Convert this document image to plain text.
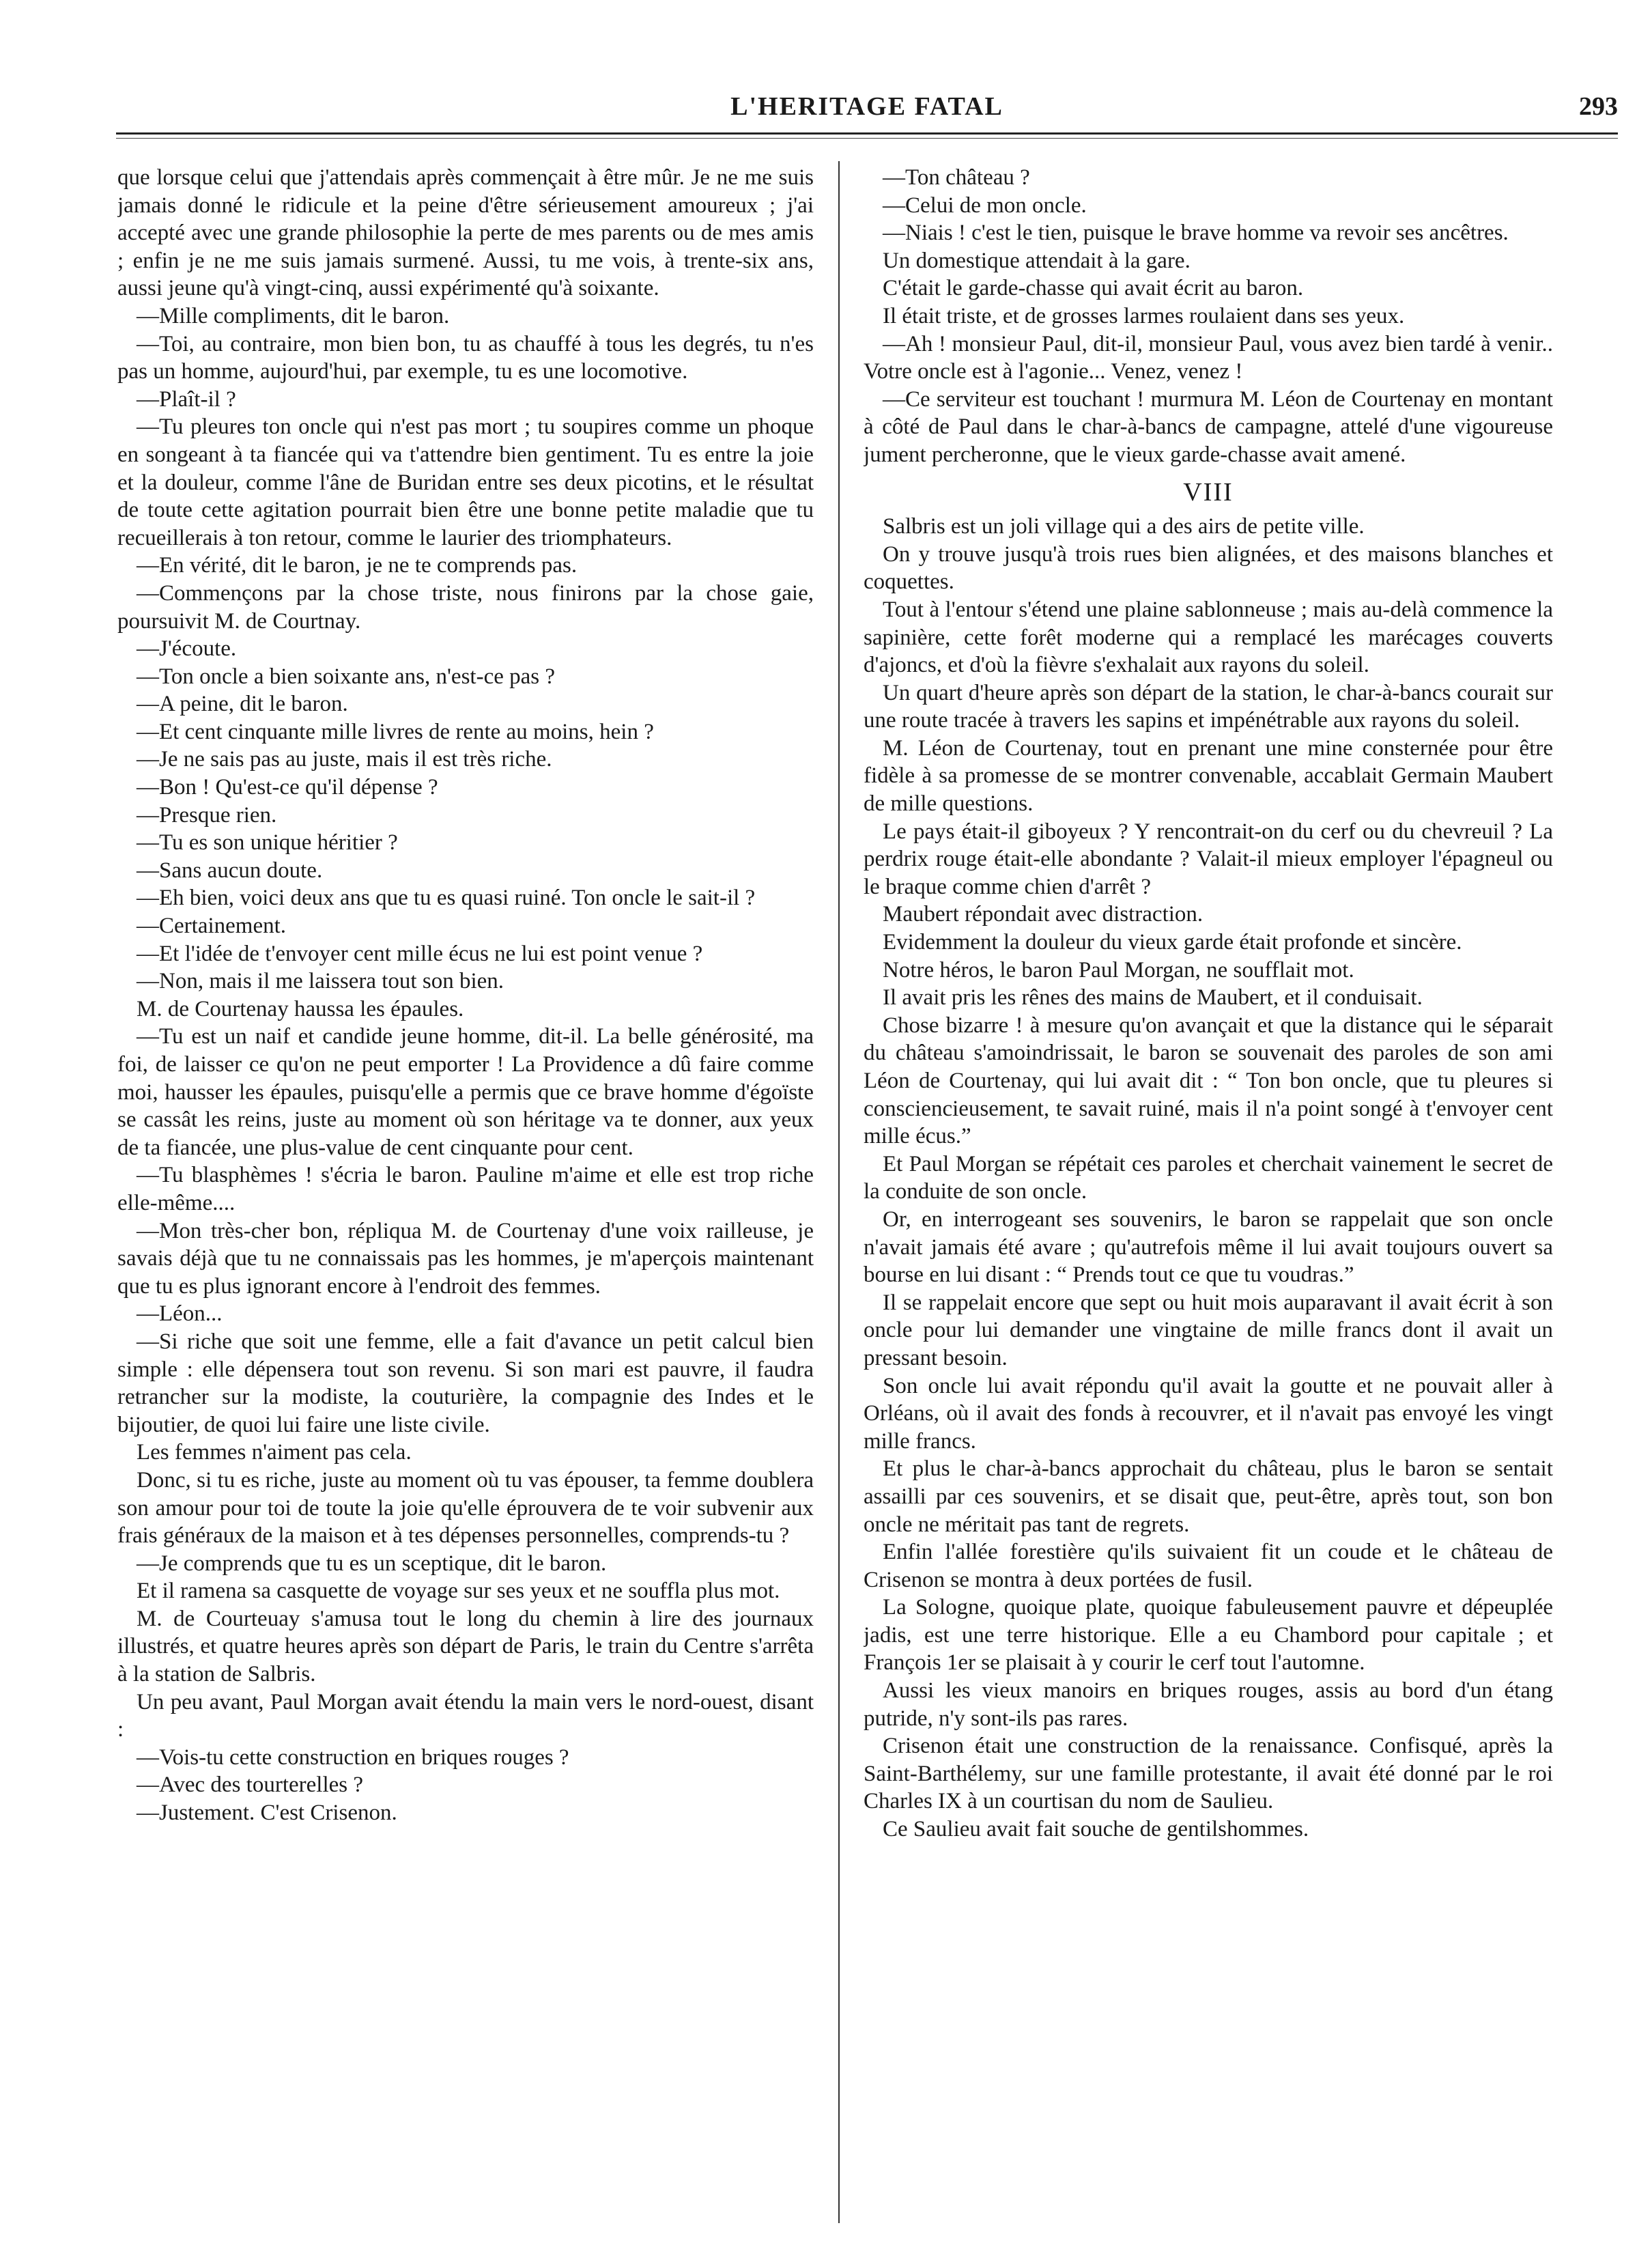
L'HERITAGE FATAL	293

que lorsque celui que j'attendais après commençait à être mûr. Je ne me suis jamais donné le ridicule et la peine d'être sérieusement amoureux ; j'ai accepté avec une grande philosophie la perte de mes parents ou de mes amis ; enfin je ne me suis jamais surmené. Aussi, tu me vois, à trente-six ans, aussi jeune qu'à vingt-cinq, aussi expérimenté qu'à soixante.

—Mille compliments, dit le baron.

—Toi, au contraire, mon bien bon, tu as chauffé à tous les degrés, tu n'es pas un homme, aujourd'hui, par exemple, tu es une locomotive.

—Plaît-il ?

—Tu pleures ton oncle qui n'est pas mort ; tu soupires comme un phoque en songeant à ta fiancée qui va t'attendre bien gentiment. Tu es entre la joie et la douleur, comme l'âne de Buridan entre ses deux picotins, et le résultat de toute cette agitation pourrait bien être une bonne petite maladie que tu recueillerais à ton retour, comme le laurier des triomphateurs.

—En vérité, dit le baron, je ne te comprends pas.

—Commençons par la chose triste, nous finirons par la chose gaie, poursuivit M. de Courtnay.

—J'écoute.

—Ton oncle a bien soixante ans, n'est-ce pas ?

—A peine, dit le baron.

—Et cent cinquante mille livres de rente au moins, hein ?

—Je ne sais pas au juste, mais il est très riche.

—Bon ! Qu'est-ce qu'il dépense ?

—Presque rien.

—Tu es son unique héritier ?

—Sans aucun doute.

—Eh bien, voici deux ans que tu es quasi ruiné. Ton oncle le sait-il ?

—Certainement.

—Et l'idée de t'envoyer cent mille écus ne lui est point venue ?

—Non, mais il me laissera tout son bien.

M. de Courtenay haussa les épaules.

—Tu est un naif et candide jeune homme, dit-il. La belle générosité, ma foi, de laisser ce qu'on ne peut emporter ! La Providence a dû faire comme moi, hausser les épaules, puisqu'elle a permis que ce brave homme d'égoïste se cassât les reins, juste au moment où son héritage va te donner, aux yeux de ta fiancée, une plus-value de cent cinquante pour cent.

—Tu blasphèmes ! s'écria le baron. Pauline m'aime et elle est trop riche elle-même....

—Mon très-cher bon, répliqua M. de Courtenay d'une voix railleuse, je savais déjà que tu ne connaissais pas les hommes, je m'aperçois maintenant que tu es plus ignorant encore à l'endroit des femmes.

—Léon...

—Si riche que soit une femme, elle a fait d'avance un petit calcul bien simple : elle dépensera tout son revenu. Si son mari est pauvre, il faudra retrancher sur la modiste, la couturière, la compagnie des Indes et le bijoutier, de quoi lui faire une liste civile.

Les femmes n'aiment pas cela.

Donc, si tu es riche, juste au moment où tu vas épouser, ta femme doublera son amour pour toi de toute la joie qu'elle éprouvera de te voir subvenir aux frais généraux de la maison et à tes dépenses personnelles, comprends-tu ?

—Je comprends que tu es un sceptique, dit le baron.

Et il ramena sa casquette de voyage sur ses yeux et ne souffla plus mot.

M. de Courteuay s'amusa tout le long du chemin à lire des journaux illustrés, et quatre heures après son départ de Paris, le train du Centre s'arrêta à la station de Salbris.

Un peu avant, Paul Morgan avait étendu la main vers le nord-ouest, disant :

—Vois-tu cette construction en briques rouges ?

—Avec des tourterelles ?

—Justement. C'est Crisenon.

—Ton château ?

—Celui de mon oncle.

—Niais ! c'est le tien, puisque le brave homme va revoir ses ancêtres.

Un domestique attendait à la gare.

C'était le garde-chasse qui avait écrit au baron.

Il était triste, et de grosses larmes roulaient dans ses yeux.

—Ah ! monsieur Paul, dit-il, monsieur Paul, vous avez bien tardé à venir.. Votre oncle est à l'agonie... Venez, venez !

—Ce serviteur est touchant ! murmura M. Léon de Courtenay en montant à côté de Paul dans le char-à-bancs de campagne, attelé d'une vigoureuse jument percheronne, que le vieux garde-chasse avait amené.

VIII

Salbris est un joli village qui a des airs de petite ville.

On y trouve jusqu'à trois rues bien alignées, et des maisons blanches et coquettes.

Tout à l'entour s'étend une plaine sablonneuse ; mais au-delà commence la sapinière, cette forêt moderne qui a remplacé les marécages couverts d'ajoncs, et d'où la fièvre s'exhalait aux rayons du soleil.

Un quart d'heure après son départ de la station, le char-à-bancs courait sur une route tracée à travers les sapins et impénétrable aux rayons du soleil.

M. Léon de Courtenay, tout en prenant une mine consternée pour être fidèle à sa promesse de se montrer convenable, accablait Germain Maubert de mille questions.

Le pays était-il giboyeux ? Y rencontrait-on du cerf ou du chevreuil ? La perdrix rouge était-elle abondante ? Valait-il mieux employer l'épagneul ou le braque comme chien d'arrêt ?

Maubert répondait avec distraction.

Evidemment la douleur du vieux garde était profonde et sincère.

Notre héros, le baron Paul Morgan, ne soufflait mot.

Il avait pris les rênes des mains de Maubert, et il conduisait.

Chose bizarre ! à mesure qu'on avançait et que la distance qui le séparait du château s'amoindrissait, le baron se souvenait des paroles de son ami Léon de Courtenay, qui lui avait dit : “ Ton bon oncle, que tu pleures si consciencieusement, te savait ruiné, mais il n'a point songé à t'envoyer cent mille écus.”

Et Paul Morgan se répétait ces paroles et cherchait vainement le secret de la conduite de son oncle.

Or, en interrogeant ses souvenirs, le baron se rappelait que son oncle n'avait jamais été avare ; qu'autrefois même il lui avait toujours ouvert sa bourse en lui disant : “ Prends tout ce que tu voudras.”

Il se rappelait encore que sept ou huit mois auparavant il avait écrit à son oncle pour lui demander une vingtaine de mille francs dont il avait un pressant besoin.

Son oncle lui avait répondu qu'il avait la goutte et ne pouvait aller à Orléans, où il avait des fonds à recouvrer, et il n'avait pas envoyé les vingt mille francs.

Et plus le char-à-bancs approchait du château, plus le baron se sentait assailli par ces souvenirs, et se disait que, peut-être, après tout, son bon oncle ne méritait pas tant de regrets.

Enfin l'allée forestière qu'ils suivaient fit un coude et le château de Crisenon se montra à deux portées de fusil.

La Sologne, quoique plate, quoique fabuleusement pauvre et dépeuplée jadis, est une terre historique. Elle a eu Chambord pour capitale ; et François 1er se plaisait à y courir le cerf tout l'automne.

Aussi les vieux manoirs en briques rouges, assis au bord d'un étang putride, n'y sont-ils pas rares.

Crisenon était une construction de la renaissance. Confisqué, après la Saint-Barthélemy, sur une famille protestante, il avait été donné par le roi Charles IX à un courtisan du nom de Saulieu.

Ce Saulieu avait fait souche de gentilshommes.
